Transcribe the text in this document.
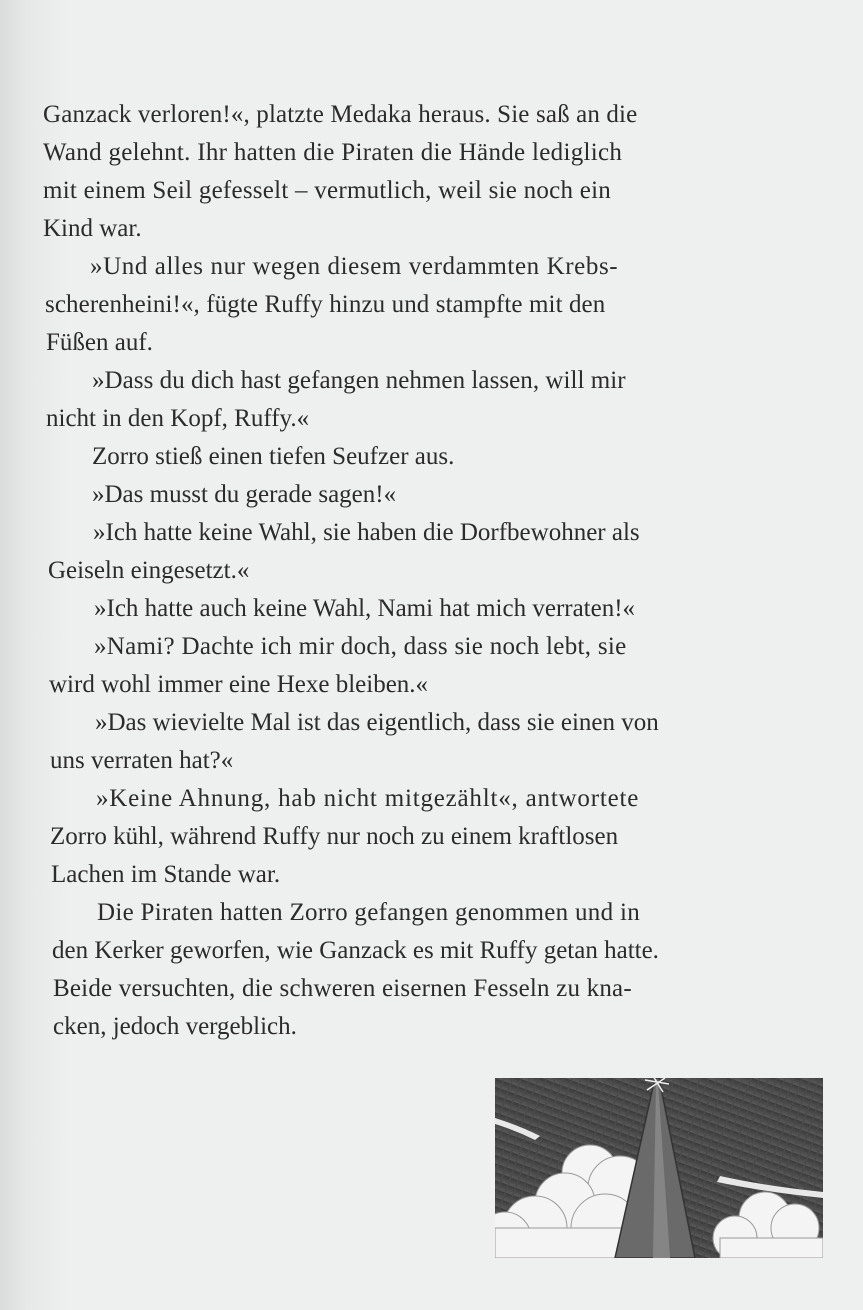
Ganzack verloren!«, platzte Medaka heraus. Sie saß an die
Wand gelehnt. Ihr hatten die Piraten die Hände lediglich
mit einem Seil gefesselt – vermutlich, weil sie noch ein
Kind war.
»Und alles nur wegen diesem verdammten Krebs-
scherenheini!«, fügte Ruffy hinzu und stampfte mit den
Füßen auf.
»Dass du dich hast gefangen nehmen lassen, will mir
nicht in den Kopf, Ruffy.«
Zorro stieß einen tiefen Seufzer aus.
»Das musst du gerade sagen!«
»Ich hatte keine Wahl, sie haben die Dorfbewohner als
Geiseln eingesetzt.«
»Ich hatte auch keine Wahl, Nami hat mich verraten!«
»Nami? Dachte ich mir doch, dass sie noch lebt, sie
wird wohl immer eine Hexe bleiben.«
»Das wievielte Mal ist das eigentlich, dass sie einen von
uns verraten hat?«
»Keine Ahnung, hab nicht mitgezählt«, antwortete
Zorro kühl, während Ruffy nur noch zu einem kraftlosen
Lachen im Stande war.
Die Piraten hatten Zorro gefangen genommen und in
den Kerker geworfen, wie Ganzack es mit Ruffy getan hatte.
Beide versuchten, die schweren eisernen Fesseln zu kna-
cken, jedoch vergeblich.
